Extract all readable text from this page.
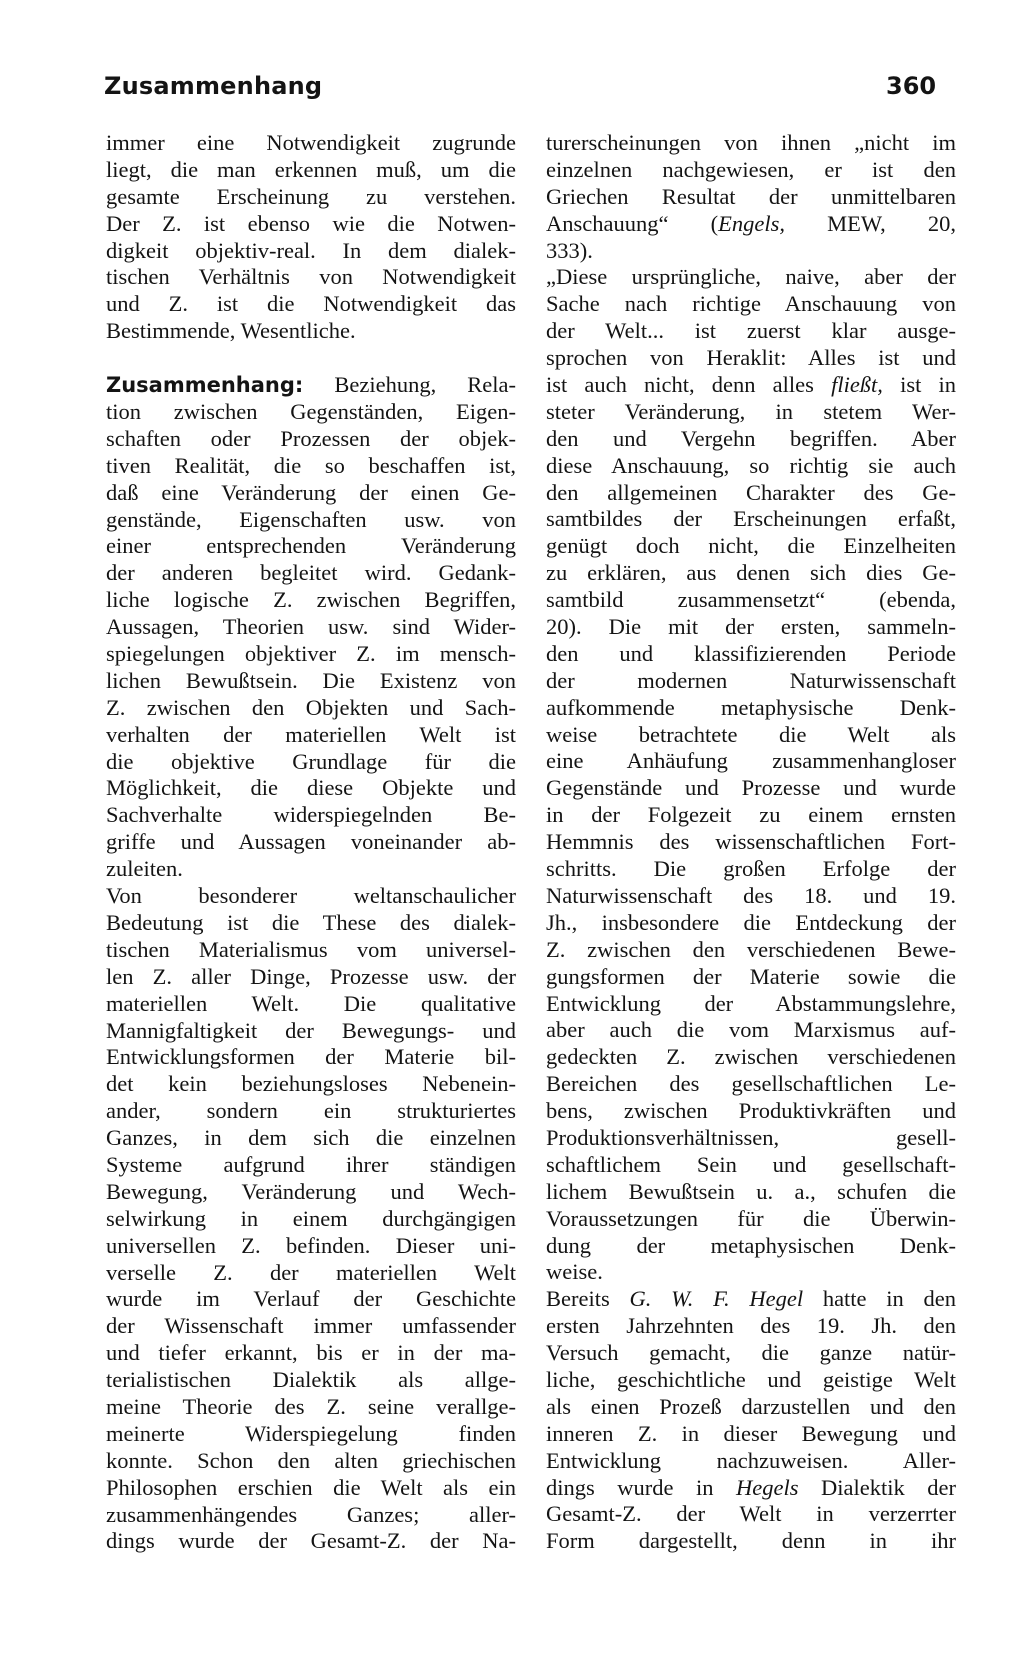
Zusammenhang	360
immer eine Notwendigkeit zugrunde
liegt, die man erkennen muß, um die
gesamte Erscheinung zu verstehen.
Der Z. ist ebenso wie die Notwen-
digkeit objektiv-real. In dem dialek-
tischen Verhältnis von Notwendigkeit
und Z. ist die Notwendigkeit das
Bestimmende, Wesentliche.
Zusammenhang: Beziehung, Rela-
tion zwischen Gegenständen, Eigen-
schaften oder Prozessen der objek-
tiven Realität, die so beschaffen ist,
daß eine Veränderung der einen Ge-
genstände, Eigenschaften usw. von
einer entsprechenden Veränderung
der anderen begleitet wird. Gedank-
liche logische Z. zwischen Begriffen,
Aussagen, Theorien usw. sind Wider-
spiegelungen objektiver Z. im mensch-
lichen Bewußtsein. Die Existenz von
Z. zwischen den Objekten und Sach-
verhalten der materiellen Welt ist
die objektive Grundlage für die
Möglichkeit, die diese Objekte und
Sachverhalte widerspiegelnden Be-
griffe und Aussagen voneinander ab-
zuleiten.
Von besonderer weltanschaulicher
Bedeutung ist die These des dialek-
tischen Materialismus vom universel-
len Z. aller Dinge, Prozesse usw. der
materiellen Welt. Die qualitative
Mannigfaltigkeit der Bewegungs- und
Entwicklungsformen der Materie bil-
det kein beziehungsloses Nebenein-
ander, sondern ein strukturiertes
Ganzes, in dem sich die einzelnen
Systeme aufgrund ihrer ständigen
Bewegung, Veränderung und Wech-
selwirkung in einem durchgängigen
universellen Z. befinden. Dieser uni-
verselle Z. der materiellen Welt
wurde im Verlauf der Geschichte
der Wissenschaft immer umfassender
und tiefer erkannt, bis er in der ma-
terialistischen Dialektik als allge-
meine Theorie des Z. seine verallge-
meinerte Widerspiegelung finden
konnte. Schon den alten griechischen
Philosophen erschien die Welt als ein
zusammenhängendes Ganzes; aller-
dings wurde der Gesamt-Z. der Na-
turerscheinungen von ihnen „nicht im
einzelnen nachgewiesen, er ist den
Griechen Resultat der unmittelbaren
Anschauung“ (Engels, MEW, 20,
333).
„Diese ursprüngliche, naive, aber der
Sache nach richtige Anschauung von
der Welt... ist zuerst klar ausge-
sprochen von Heraklit: Alles ist und
ist auch nicht, denn alles fließt, ist in
steter Veränderung, in stetem Wer-
den und Vergehn begriffen. Aber
diese Anschauung, so richtig sie auch
den allgemeinen Charakter des Ge-
samtbildes der Erscheinungen erfaßt,
genügt doch nicht, die Einzelheiten
zu erklären, aus denen sich dies Ge-
samtbild zusammensetzt“ (ebenda,
20). Die mit der ersten, sammeln-
den und klassifizierenden Periode
der modernen Naturwissenschaft
aufkommende metaphysische Denk-
weise betrachtete die Welt als
eine Anhäufung zusammenhangloser
Gegenstände und Prozesse und wurde
in der Folgezeit zu einem ernsten
Hemmnis des wissenschaftlichen Fort-
schritts. Die großen Erfolge der
Naturwissenschaft des 18. und 19.
Jh., insbesondere die Entdeckung der
Z. zwischen den verschiedenen Bewe-
gungsformen der Materie sowie die
Entwicklung der Abstammungslehre,
aber auch die vom Marxismus auf-
gedeckten Z. zwischen verschiedenen
Bereichen des gesellschaftlichen Le-
bens, zwischen Produktivkräften und
Produktionsverhältnissen, gesell-
schaftlichem Sein und gesellschaft-
lichem Bewußtsein u. a., schufen die
Voraussetzungen für die Überwin-
dung der metaphysischen Denk-
weise.
Bereits G. W. F. Hegel hatte in den
ersten Jahrzehnten des 19. Jh. den
Versuch gemacht, die ganze natür-
liche, geschichtliche und geistige Welt
als einen Prozeß darzustellen und den
inneren Z. in dieser Bewegung und
Entwicklung nachzuweisen. Aller-
dings wurde in Hegels Dialektik der
Gesamt-Z. der Welt in verzerrter
Form dargestellt, denn in ihr
